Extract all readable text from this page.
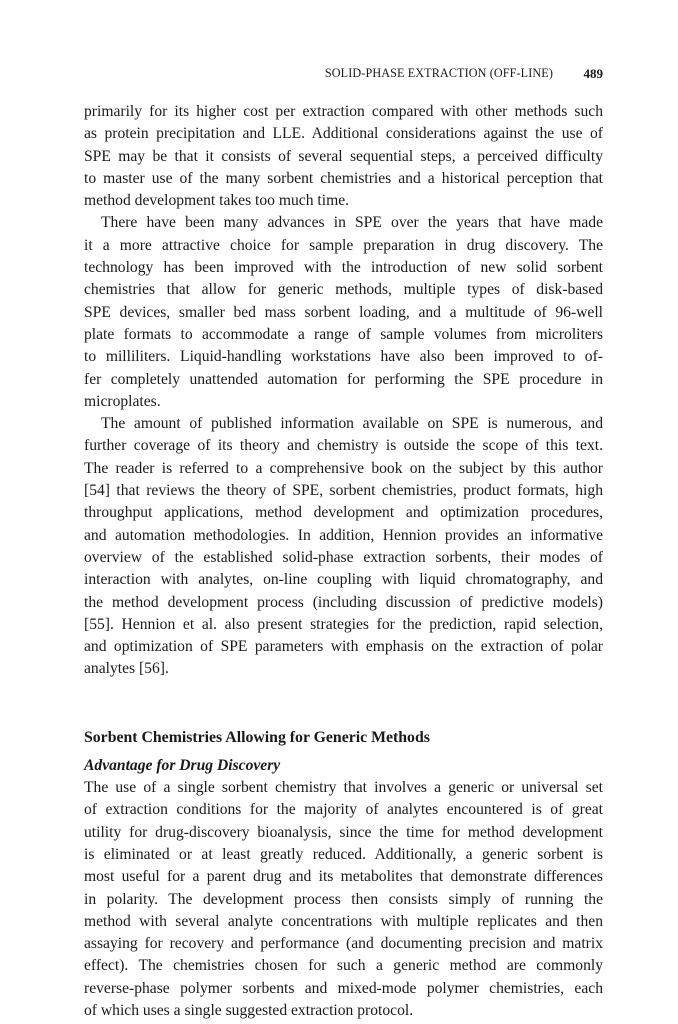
SOLID-PHASE EXTRACTION (OFF-LINE) 489
primarily for its higher cost per extraction compared with other methods such
as protein precipitation and LLE. Additional considerations against the use of
SPE may be that it consists of several sequential steps, a perceived difficulty
to master use of the many sorbent chemistries and a historical perception that
method development takes too much time.
There have been many advances in SPE over the years that have made
it a more attractive choice for sample preparation in drug discovery. The
technology has been improved with the introduction of new solid sorbent
chemistries that allow for generic methods, multiple types of disk-based
SPE devices, smaller bed mass sorbent loading, and a multitude of 96-well
plate formats to accommodate a range of sample volumes from microliters
to milliliters. Liquid-handling workstations have also been improved to of-
fer completely unattended automation for performing the SPE procedure in
microplates.
The amount of published information available on SPE is numerous, and
further coverage of its theory and chemistry is outside the scope of this text.
The reader is referred to a comprehensive book on the subject by this author
[54] that reviews the theory of SPE, sorbent chemistries, product formats, high
throughput applications, method development and optimization procedures,
and automation methodologies. In addition, Hennion provides an informative
overview of the established solid-phase extraction sorbents, their modes of
interaction with analytes, on-line coupling with liquid chromatography, and
the method development process (including discussion of predictive models)
[55]. Hennion et al. also present strategies for the prediction, rapid selection,
and optimization of SPE parameters with emphasis on the extraction of polar
analytes [56].
Sorbent Chemistries Allowing for Generic Methods
Advantage for Drug Discovery
The use of a single sorbent chemistry that involves a generic or universal set
of extraction conditions for the majority of analytes encountered is of great
utility for drug-discovery bioanalysis, since the time for method development
is eliminated or at least greatly reduced. Additionally, a generic sorbent is
most useful for a parent drug and its metabolites that demonstrate differences
in polarity. The development process then consists simply of running the
method with several analyte concentrations with multiple replicates and then
assaying for recovery and performance (and documenting precision and matrix
effect). The chemistries chosen for such a generic method are commonly
reverse-phase polymer sorbents and mixed-mode polymer chemistries, each
of which uses a single suggested extraction protocol.
